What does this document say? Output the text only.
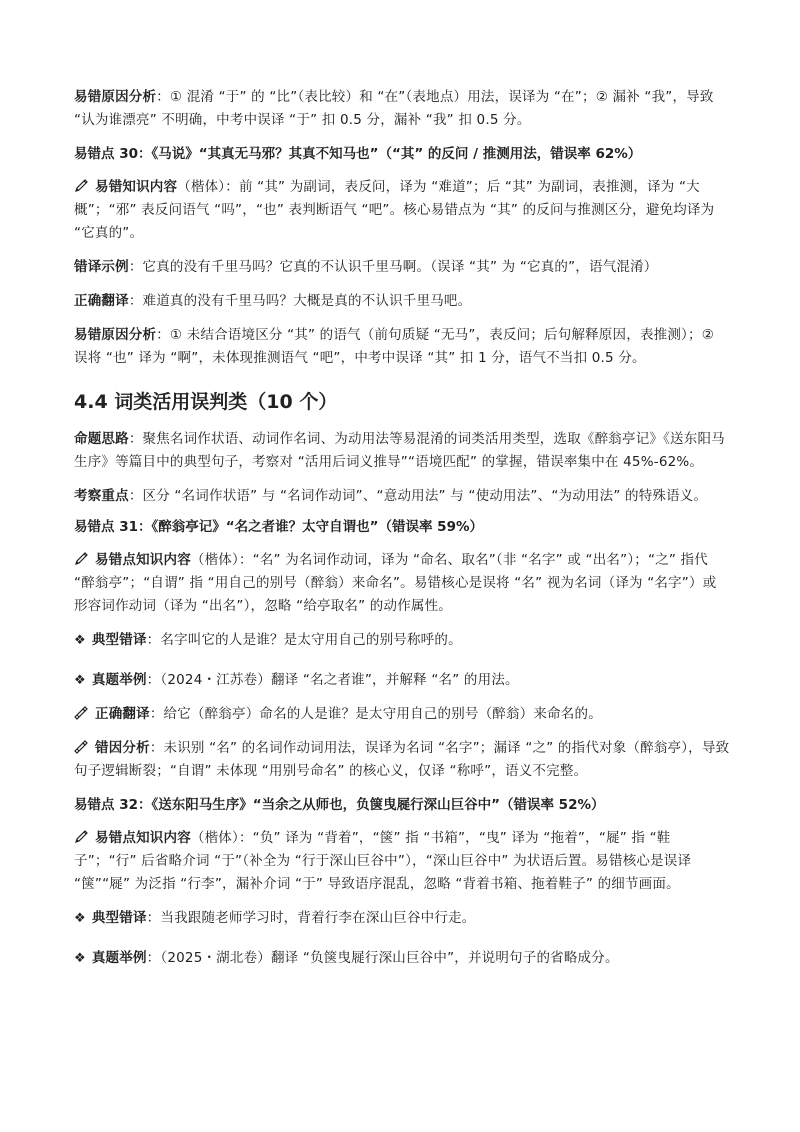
易错原因分析：① 混淆 “于” 的 “比”（表比较）和 “在”（表地点）用法，误译为 “在”；② 漏补 “我”，导致 “认为谁漂亮” 不明确，中考中误译 “于” 扣 0.5 分，漏补 “我” 扣 0.5 分。

易错点 30：《马说》“其真无马邪？其真不知马也”（“其” 的反问 / 推测用法，错误率 62%）

易错知识内容（楷体）：前 “其” 为副词，表反问，译为 “难道”；后 “其” 为副词，表推测，译为 “大概”；“邪” 表反问语气 “吗”，“也” 表判断语气 “吧”。核心易错点为 “其” 的反问与推测区分，避免均译为 “它真的”。

错译示例：它真的没有千里马吗？它真的不认识千里马啊。（误译 “其” 为 “它真的”，语气混淆）

正确翻译：难道真的没有千里马吗？大概是真的不认识千里马吧。

易错原因分析：① 未结合语境区分 “其” 的语气（前句质疑 “无马”，表反问；后句解释原因，表推测）；② 误将 “也” 译为 “啊”，未体现推测语气 “吧”，中考中误译 “其” 扣 1 分，语气不当扣 0.5 分。

4.4 词类活用误判类（10 个）

命题思路：聚焦名词作状语、动词作名词、为动用法等易混淆的词类活用类型，选取《醉翁亭记》《送东阳马生序》等篇目中的典型句子，考察对 “活用后词义推导”“语境匹配” 的掌握，错误率集中在 45%-62%。

考察重点：区分 “名词作状语” 与 “名词作动词”、“意动用法” 与 “使动用法”、“为动用法” 的特殊语义。

易错点 31：《醉翁亭记》“名之者谁？太守自谓也”（错误率 59%）

易错点知识内容（楷体）：“名” 为名词作动词，译为 “命名、取名”（非 “名字” 或 “出名”）；“之” 指代 “醉翁亭”；“自谓” 指 “用自己的别号（醉翁）来命名”。易错核心是误将 “名” 视为名词（译为 “名字”）或形容词作动词（译为 “出名”），忽略 “给亭取名” 的动作属性。

❖ 典型错译：名字叫它的人是谁？是太守用自己的别号称呼的。

❖ 真题举例：（2024・江苏卷）翻译 “名之者谁”，并解释 “名” 的用法。

正确翻译：给它（醉翁亭）命名的人是谁？是太守用自己的别号（醉翁）来命名的。

错因分析：未识别 “名” 的名词作动词用法，误译为名词 “名字”；漏译 “之” 的指代对象（醉翁亭），导致句子逻辑断裂；“自谓” 未体现 “用别号命名” 的核心义，仅译 “称呼”，语义不完整。

易错点 32：《送东阳马生序》“当余之从师也，负箧曳屣行深山巨谷中”（错误率 52%）

易错点知识内容（楷体）：“负” 译为 “背着”，“箧” 指 “书箱”，“曳” 译为 “拖着”，“屣” 指 “鞋子”；“行” 后省略介词 “于”（补全为 “行于深山巨谷中”），“深山巨谷中” 为状语后置。易错核心是误译 “箧”“屣” 为泛指 “行李”，漏补介词 “于” 导致语序混乱，忽略 “背着书箱、拖着鞋子” 的细节画面。

❖ 典型错译：当我跟随老师学习时，背着行李在深山巨谷中行走。

❖ 真题举例：（2025・湖北卷）翻译 “负箧曳屣行深山巨谷中”，并说明句子的省略成分。
